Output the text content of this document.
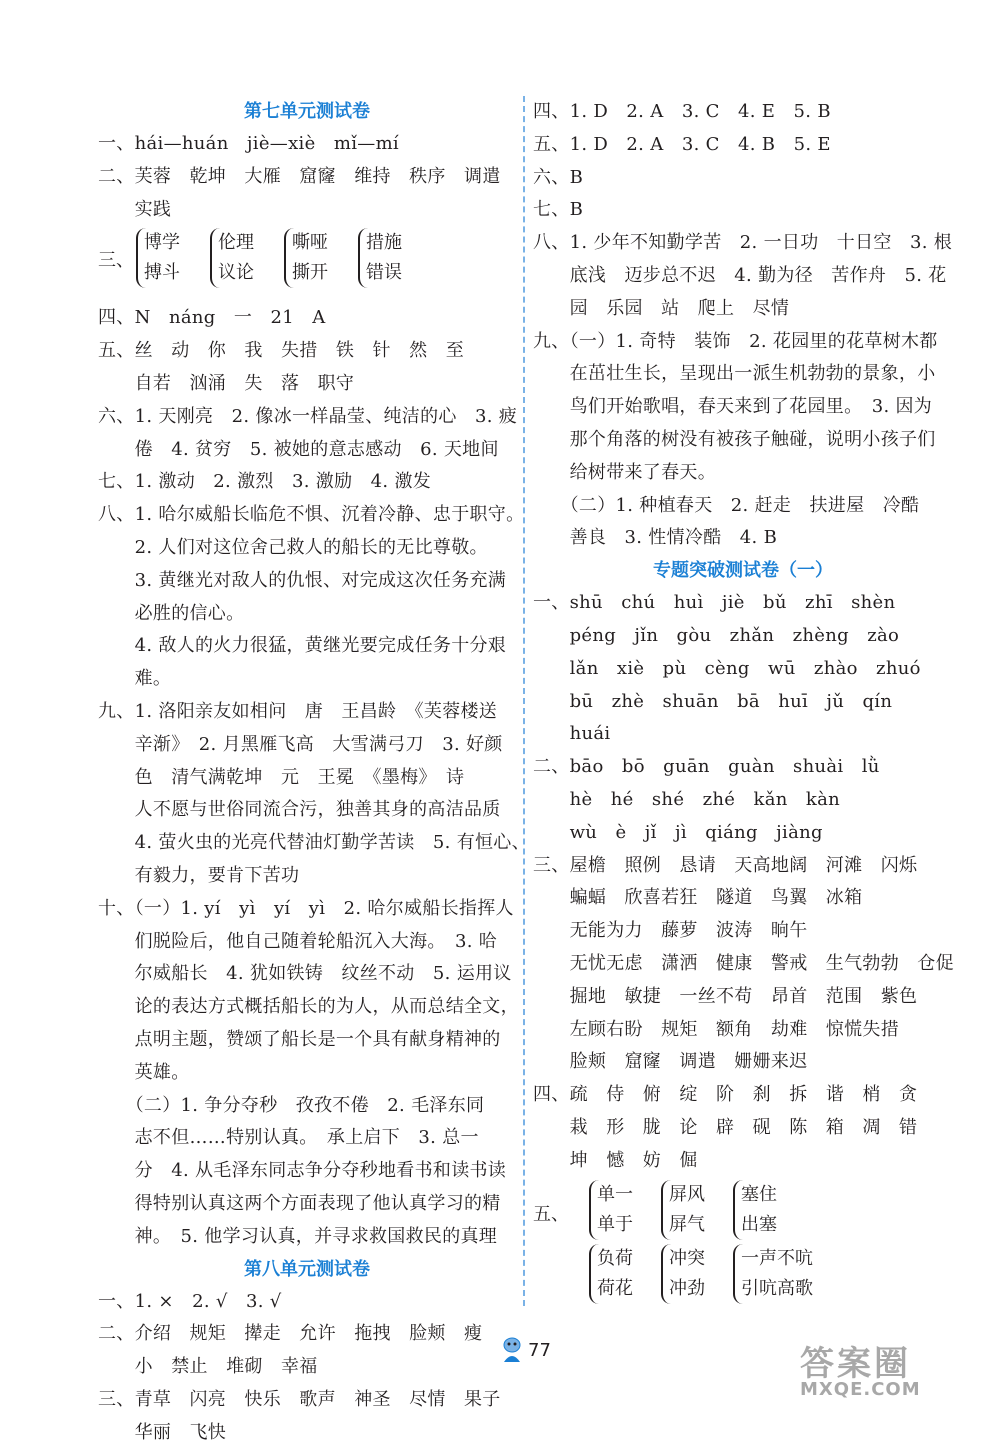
第七单元测试卷
一、hái—huán　jiè—xiè　mǐ—mí
二、芙蓉　乾坤　大雁　窟窿　维持　秩序　调遣
　　实践
三、
博学
搏斗
伦理
议论
嘶哑
撕开
措施
错误
四、N　náng　一　21　A
五、丝　动　你　我　失措　铁　针　然　至
　　自若　汹涌　失　落　职守
六、1. 天刚亮　2. 像冰一样晶莹、纯洁的心　3. 疲
　　倦　4. 贫穷　5. 被她的意志感动　6. 天地间
七、1. 激动　2. 激烈　3. 激励　4. 激发
八、1. 哈尔威船长临危不惧、沉着冷静、忠于职守。
　　2. 人们对这位舍己救人的船长的无比尊敬。
　　3. 黄继光对敌人的仇恨、对完成这次任务充满
　　必胜的信心。
　　4. 敌人的火力很猛，黄继光要完成任务十分艰
　　难。
九、1. 洛阳亲友如相问　唐　王昌龄　《芙蓉楼送
　　辛渐》　2. 月黑雁飞高　大雪满弓刀　3. 好颜
　　色　清气满乾坤　元　王冕　《墨梅》　诗
　　人不愿与世俗同流合污，独善其身的高洁品质
　　4. 萤火虫的光亮代替油灯勤学苦读　5. 有恒心、
　　有毅力，要肯下苦功
十、（一）1. yí　yì　yí　yì　2. 哈尔威船长指挥人
　　们脱险后，他自己随着轮船沉入大海。　3. 哈
　　尔威船长　4. 犹如铁铸　纹丝不动　5. 运用议
　　论的表达方式概括船长的为人，从而总结全文，
　　点明主题，赞颂了船长是一个具有献身精神的
　　英雄。
　　（二）1. 争分夺秒　孜孜不倦　2. 毛泽东同
　　志不但……特别认真。　承上启下　3. 总一
　　分　4. 从毛泽东同志争分夺秒地看书和读书读
　　得特别认真这两个方面表现了他认真学习的精
　　神。　5. 他学习认真，并寻求救国救民的真理
第八单元测试卷
一、1. ×　2. √　3. √
二、介绍　规矩　撵走　允许　拖拽　脸颊　瘦
　　小　禁止　堆砌　幸福
三、青草　闪亮　快乐　歌声　神圣　尽情　果子
　　华丽　飞快
四、1. D　2. A　3. C　4. E　5. B
五、1. D　2. A　3. C　4. B　5. E
六、B
七、B
八、1. 少年不知勤学苦　2. 一日功　十日空　3. 根
　　底浅　迈步总不迟　4. 勤为径　苦作舟　5. 花
　　园　乐园　站　爬上　尽情
九、（一）1. 奇特　装饰　2. 花园里的花草树木都
　　在茁壮生长，呈现出一派生机勃勃的景象，小
　　鸟们开始歌唱，春天来到了花园里。　3. 因为
　　那个角落的树没有被孩子触碰，说明小孩子们
　　给树带来了春天。
　　（二）1. 种植春天　2. 赶走　扶进屋　冷酷
　　善良　3. 性情冷酷　4. B
专题突破测试卷（一）
一、shū　chú　huì　jiè　bǔ　zhī　shèn
　　péng　jǐn　gòu　zhǎn　zhèng　zào
　　lǎn　xiè　pù　cèng　wū　zhào　zhuó
　　bū　zhè　shuān　bā　huī　jǔ　qín
　　huái
二、bāo　bō　guān　guàn　shuài　lǜ
　　hè　hé　shé　zhé　kǎn　kàn
　　wù　è　jǐ　jì　qiáng　jiàng
三、屋檐　照例　恳请　天高地阔　河滩　闪烁
　　蝙蝠　欣喜若狂　隧道　鸟翼　冰箱
　　无能为力　藤萝　波涛　晌午
　　无忧无虑　潇洒　健康　警戒　生气勃勃　仓促
　　掘地　敏捷　一丝不苟　昂首　范围　紫色
　　左顾右盼　规矩　额角　劫难　惊慌失措
　　脸颊　窟窿　调遣　姗姗来迟
四、疏　侍　俯　绽　阶　刹　拆　谐　梢　贪
　　栽　形　胧　论　辟　砚　陈　箱　凋　错
　　坤　憾　妨　倔
五、
单一
单于
屏风
屏气
塞住
出塞
负荷
荷花
冲突
冲劲
一声不吭
引吭高歌
77	答案圈
MXQE.COM
